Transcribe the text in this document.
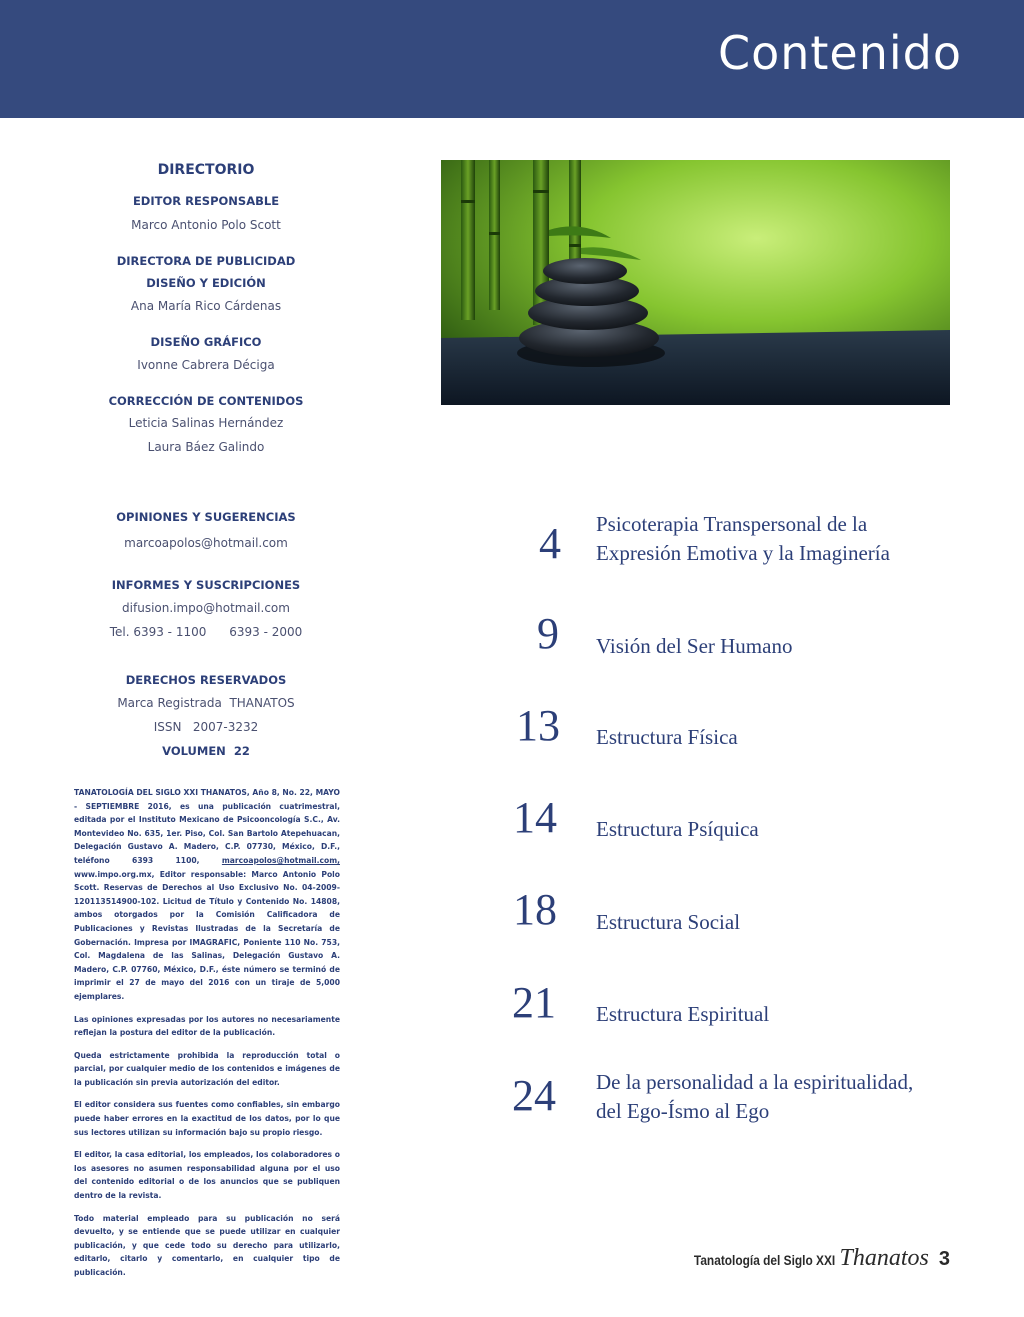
Contenido
DIRECTORIO
EDITOR RESPONSABLE
Marco Antonio Polo Scott
DIRECTORA DE PUBLICIDAD
DISEÑO Y EDICIÓN
Ana María Rico Cárdenas
DISEÑO GRÁFICO
Ivonne Cabrera Déciga
CORRECCIÓN DE CONTENIDOS
Leticia Salinas Hernández
Laura Báez Galindo
OPINIONES Y SUGERENCIAS
marcoapolos@hotmail.com
INFORMES Y SUSCRIPCIONES
difusion.impo@hotmail.com
Tel. 6393 - 1100      6393 - 2000
DERECHOS RESERVADOS
Marca Registrada  THANATOS
ISSN   2007-3232
VOLUMEN  22

TANATOLOGÍA DEL SIGLO XXI THANATOS, Año 8, No. 22, MAYO - SEPTIEMBRE 2016, es una publicación cuatrimestral, editada por el Instituto Mexicano de Psicooncología S.C., Av. Montevideo No. 635, 1er. Piso, Col. San Bartolo Atepehuacan, Delegación Gustavo A. Madero, C.P. 07730, México, D.F., teléfono 6393 1100, marcoapolos@hotmail.com, www.impo.org.mx, Editor responsable: Marco Antonio Polo Scott. Reservas de Derechos al Uso Exclusivo No. 04-2009-120113514900-102. Licitud de Título y Contenido No. 14808, ambos otorgados por la Comisión Calificadora de Publicaciones y Revistas Ilustradas de la Secretaría de Gobernación. Impresa por IMAGRAFIC, Poniente 110 No. 753, Col. Magdalena de las Salinas, Delegación Gustavo A. Madero, C.P. 07760, México, D.F., éste número se terminó de imprimir el 27 de mayo del 2016 con un tiraje de 5,000 ejemplares.

Las opiniones expresadas por los autores no necesariamente reflejan la postura del editor de la publicación.

Queda estrictamente prohibida la reproducción total o parcial, por cualquier medio de los contenidos e imágenes de la publicación sin previa autorización del editor.

El editor considera sus fuentes como confiables, sin embargo puede haber errores en la exactitud de los datos, por lo que sus lectores utilizan su información bajo su propio riesgo.

El editor, la casa editorial, los empleados, los colaboradores o los asesores no asumen responsabilidad alguna por el uso del contenido editorial o de los anuncios que se publiquen dentro de la revista.

Todo material empleado para su publicación no será devuelto, y se entiende que se puede utilizar en cualquier publicación, y que cede todo su derecho para utilizarlo, editarlo, citarlo y comentarlo, en cualquier tipo de publicación.

4	Psicoterapia Transpersonal de la
Expresión Emotiva y la Imaginería
9	Visión del Ser Humano
13	Estructura Física
14	Estructura Psíquica
18	Estructura Social
21	Estructura Espiritual
24	De la personalidad a la espiritualidad,
del Ego-Ísmo al Ego
Tanatología del Siglo XXI Thanatos 3
